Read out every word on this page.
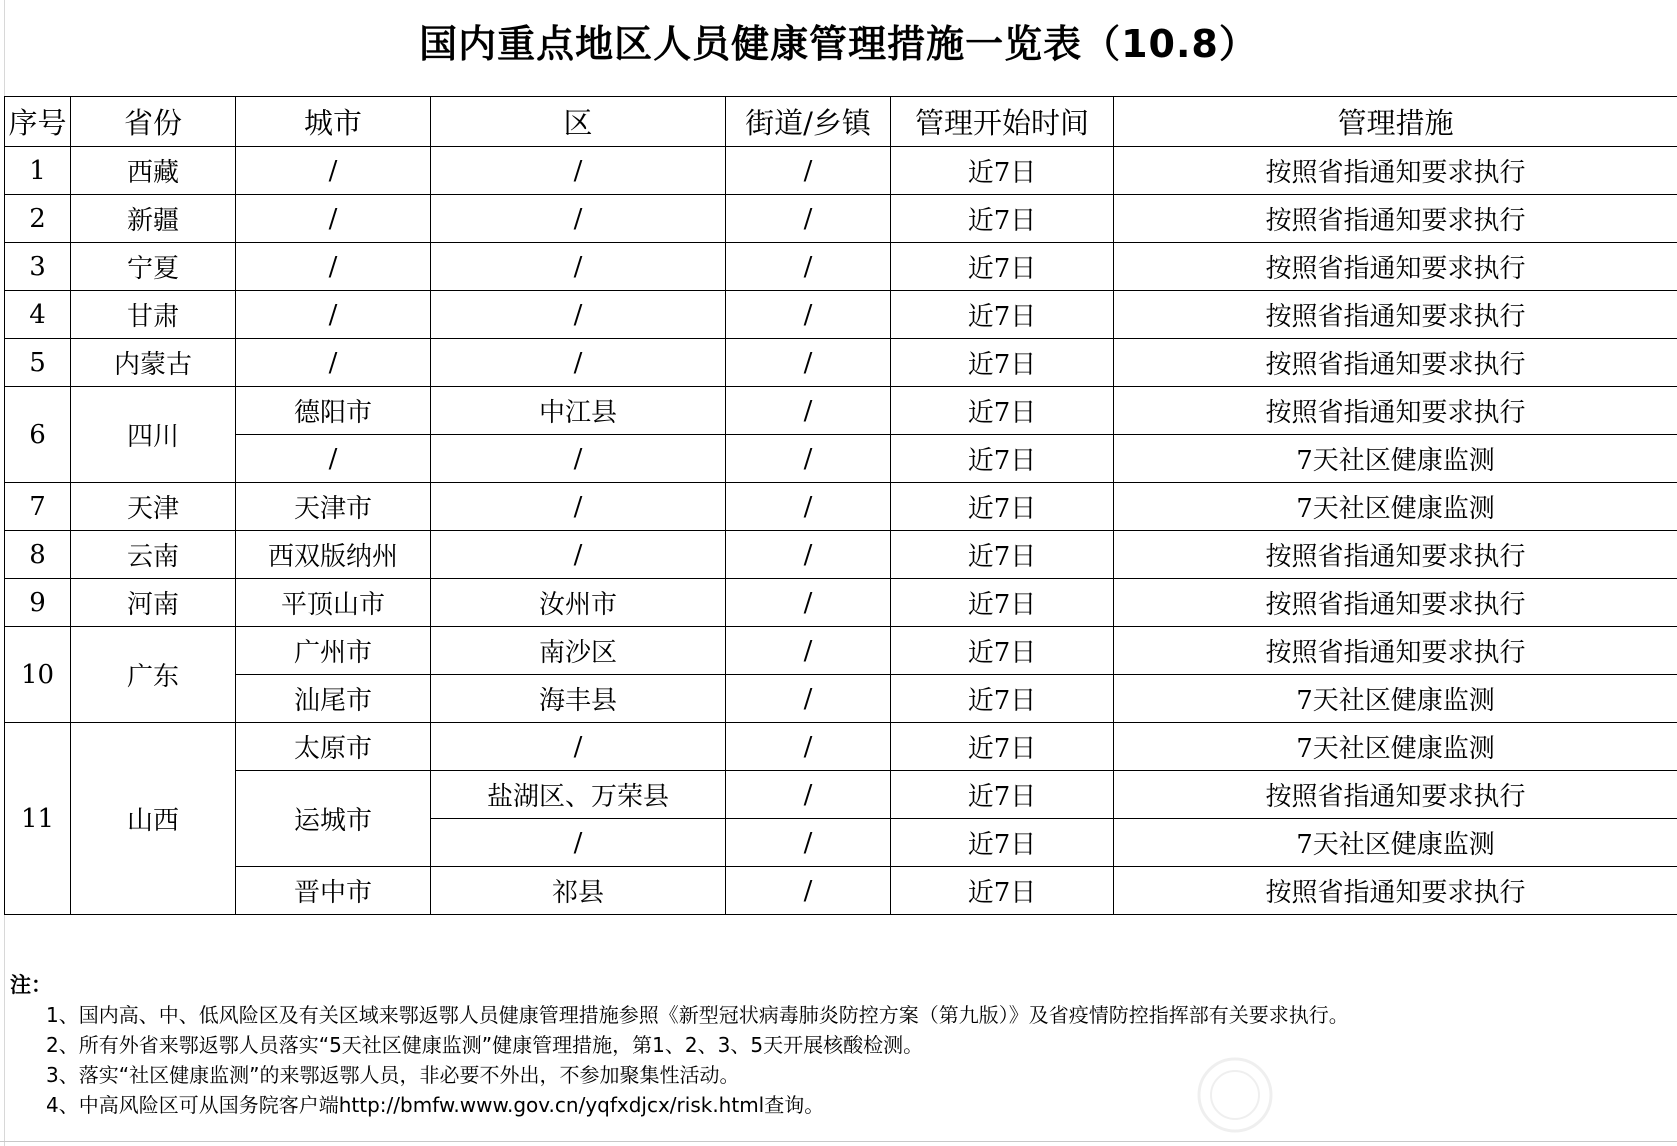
国内重点地区人员健康管理措施一览表（10.8）
序号	省份	城市	区	街道/乡镇	管理开始时间	管理措施
1	西藏	/	/	/	近7日	按照省指通知要求执行
2	新疆	/	/	/	近7日	按照省指通知要求执行
3	宁夏	/	/	/	近7日	按照省指通知要求执行
4	甘肃	/	/	/	近7日	按照省指通知要求执行
5	内蒙古	/	/	/	近7日	按照省指通知要求执行
6	四川	德阳市	中江县	/	近7日	按照省指通知要求执行
		/	/	/	近7日	7天社区健康监测
7	天津	天津市	/	/	近7日	7天社区健康监测
8	云南	西双版纳州	/	/	近7日	按照省指通知要求执行
9	河南	平顶山市	汝州市	/	近7日	按照省指通知要求执行
10	广东	广州市	南沙区	/	近7日	按照省指通知要求执行
		汕尾市	海丰县	/	近7日	7天社区健康监测
11	山西	太原市	/	/	近7日	7天社区健康监测
		运城市	盐湖区、万荣县	/	近7日	按照省指通知要求执行
			/	/	近7日	7天社区健康监测
		晋中市	祁县	/	近7日	按照省指通知要求执行
注：
1、国内高、中、低风险区及有关区域来鄂返鄂人员健康管理措施参照《新型冠状病毒肺炎防控方案（第九版）》及省疫情防控指挥部有关要求执行。
2、所有外省来鄂返鄂人员落实“5天社区健康监测”健康管理措施，第1、2、3、5天开展核酸检测。
3、落实“社区健康监测”的来鄂返鄂人员，非必要不外出，不参加聚集性活动。
4、中高风险区可从国务院客户端http://bmfw.www.gov.cn/yqfxdjcx/risk.html查询。
